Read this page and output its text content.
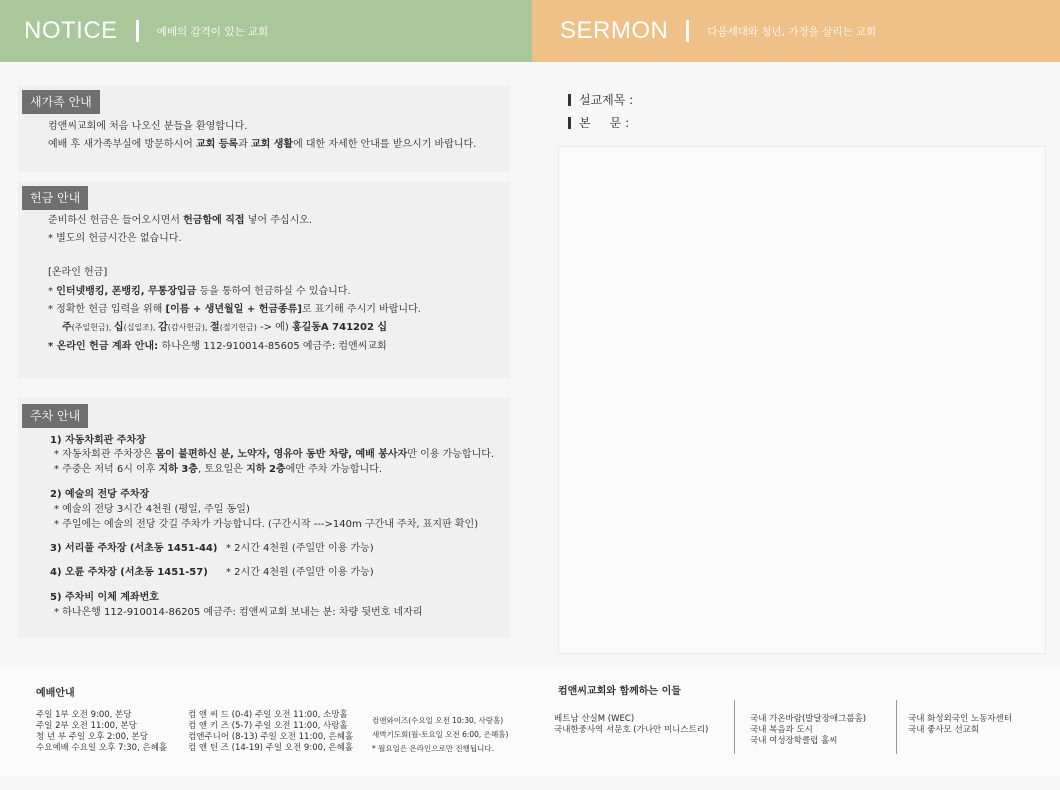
NOTICE	예배의 감격이 있는 교회	SERMON	다음세대와 청년, 가정을 살리는 교회
새가족 안내
컴앤씨교회에 처음 나오신 분들을 환영합니다.
예배 후 새가족부실에 방문하시어 교회 등록과 교회 생활에 대한 자세한 안내를 받으시기 바랍니다.
헌금 안내
준비하신 헌금은 들어오시면서 헌금함에 직접 넣어 주십시오.
* 별도의 헌금시간은 없습니다.
[온라인 헌금]
* 인터넷뱅킹, 폰뱅킹, 무통장입금 등을 통하여 헌금하실 수 있습니다.
* 정확한 헌금 입력을 위해 [이름 + 생년월일 + 헌금종류]로 표기해 주시기 바랍니다.
주(주일헌금), 십(십일조), 감(감사헌금), 절(절기헌금) -> 예) 홍길동A 741202 십
* 온라인 헌금 계좌 안내: 하나은행 112-910014-85605 예금주: 컴앤씨교회
주차 안내
1) 자동차회관 주차장
* 자동차회관 주차장은 몸이 불편하신 분, 노약자, 영유아 동반 차량, 예배 봉사자만 이용 가능합니다.
* 주중은 저녁 6시 이후 지하 3층, 토요일은 지하 2층에만 주차 가능합니다.
2) 예술의 전당 주차장
* 예술의 전당 3시간 4천원 (평일, 주일 동일)
* 주일에는 예술의 전당 갓길 주차가 가능합니다. (구간시작 --->140m 구간내 주차, 표지판 확인)
3) 서리풀 주차장 (서초동 1451-44) * 2시간 4천원 (주일만 이용 가능)
4) 오륜 주차장 (서초동 1451-57) * 2시간 4천원 (주일만 이용 가능)
5) 주차비 이체 계좌번호
* 하나은행 112-910014-86205 예금주: 컴앤씨교회 보내는 분: 차량 뒷번호 네자리
설교제목 :
본     문 :
예배안내
주일 1부 오전 9:00, 본당
주일 2부 오전 11:00, 본당
청 년 부 주일 오후 2:00, 본당
수요예배 수요일 오후 7:30, 은혜홀
컴 앤 씨 드 (0-4) 주일 오전 11:00, 소망홀
컴 앤 키 즈 (5-7) 주일 오전 11:00, 사랑홀
컴앤주니어 (8-13) 주일 오전 11:00, 은혜홀
컴 앤 틴 즈 (14-19) 주일 오전 9:00, 은혜홀
컴앤와이즈(수요일 오전 10:30, 사랑홀)
새벽기도회(월-토요일 오전 6:00, 은혜홀)
* 월요일은 온라인으로만 진행됩니다.
컴앤씨교회와 함께하는 이들
베트남 산실M (WEC)
국내한중사역 서문호 (가나안 미니스트리)
국내 가온바람(발달장애그룹홈)
국내 복음과 도시
국내 여성장학클럽 홀씨
국내 화성외국인 노동자센터
국내 좋사모 선교회
